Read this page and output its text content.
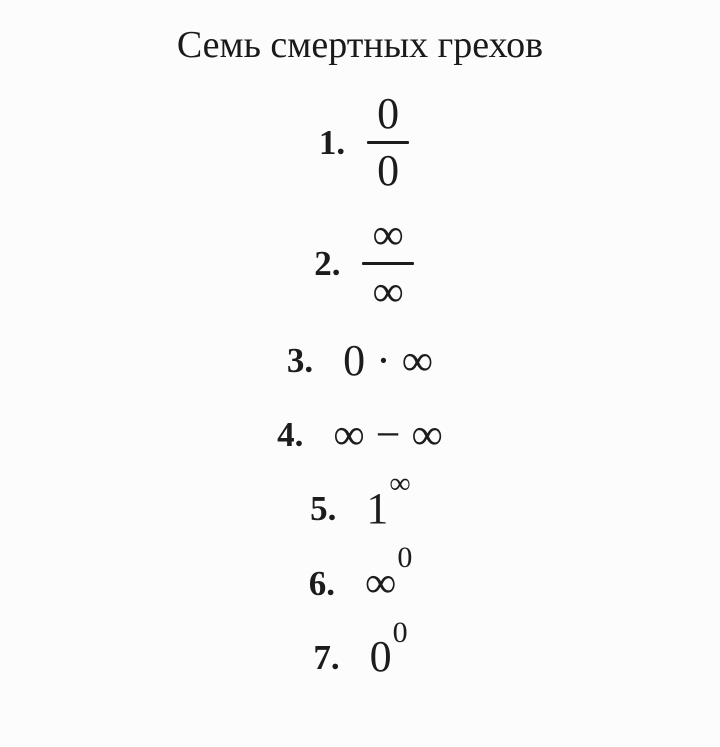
Семь смертных грехов
1. $\frac{0}{0}$
2. $\frac{\infty}{\infty}$
3. 0 · ∞
4. ∞ − ∞
5. 1∞
6. ∞$^0$
7. $0^0$
